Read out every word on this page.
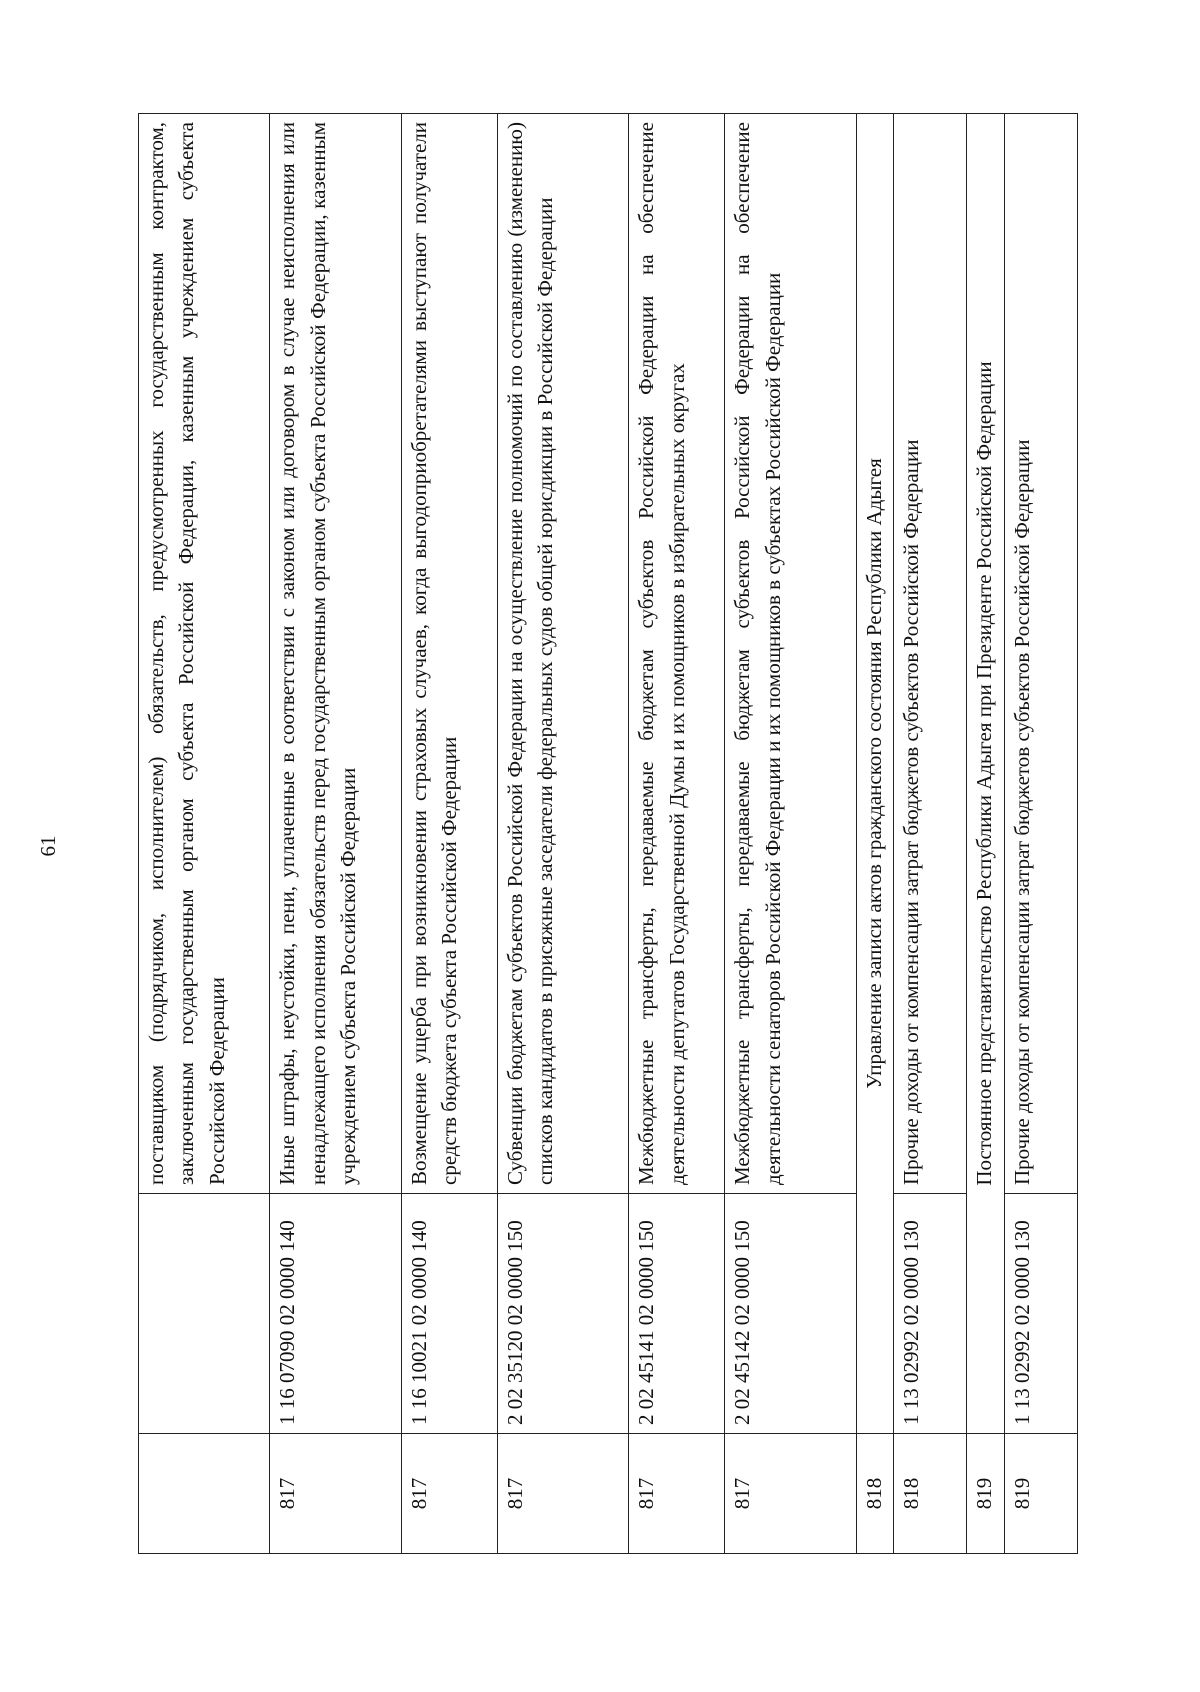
61
			поставщиком (подрядчиком, исполнителем) обязательств, предусмотренных государственным контрактом, заключенным государственным органом субъекта Российской Федерации, казенным учреждением субъекта Российской Федерации
817	1 16 07090 02 0000 140	Иные штрафы, неустойки, пени, уплаченные в соответствии с законом или договором в случае неисполнения или ненадлежащего исполнения обязательств перед государственным органом субъекта Российской Федерации, казенным учреждением субъекта Российской Федерации
817	1 16 10021 02 0000 140	Возмещение ущерба при возникновении страховых случаев, когда выгодоприобретателями выступают получатели средств бюджета субъекта Российской Федерации
817	2 02 35120 02 0000 150	Субвенции бюджетам субъектов Российской Федерации на осуществление полномочий по составлению (изменению) списков кандидатов в присяжные заседатели федеральных судов общей юрисдикции в Российской Федерации
817	2 02 45141 02 0000 150	Межбюджетные трансферты, передаваемые бюджетам субъектов Российской Федерации на обеспечение деятельности депутатов Государственной Думы и их помощников в избирательных округах
817	2 02 45142 02 0000 150	Межбюджетные трансферты, передаваемые бюджетам субъектов Российской Федерации на обеспечение деятельности сенаторов Российской Федерации и их помощников в субъектах Российской Федерации
818	Управление записи актов гражданского состояния Республики Адыгея	
818	1 13 02992 02 0000 130	Прочие доходы от компенсации затрат бюджетов субъектов Российской Федерации
819	Постоянное представительство Республики Адыгея при Президенте Российской Федерации	
819	1 13 02992 02 0000 130	Прочие доходы от компенсации затрат бюджетов субъектов Российской Федерации
